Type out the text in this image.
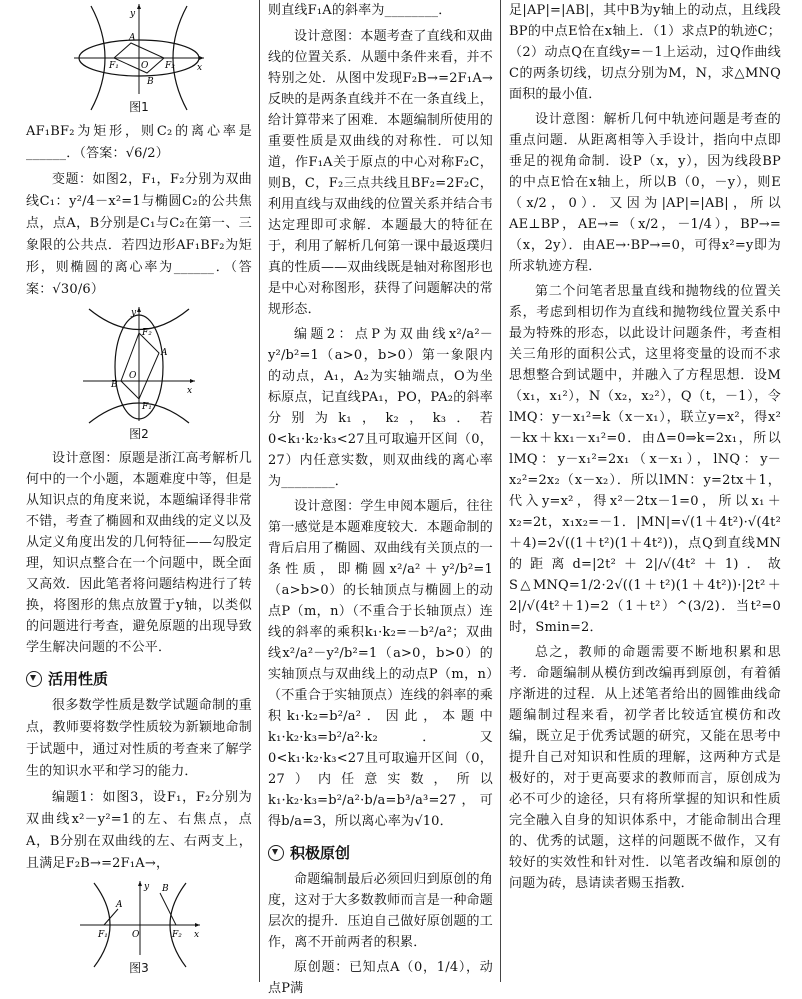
y
F₁	F₂
O
A
B
x
图1

AF₁BF₂为矩形，则C₂的离心率是______．（答案：√6/2）

变题：如图2，F₁，F₂分别为双曲线C₁：y²/4－x²=1与椭圆C₂的公共焦点，点A，B分别是C₁与C₂在第一、三象限的公共点．若四边形AF₁BF₂为矩形，则椭圆的离心率为______．（答案：√30/6）

F₂
A
O
x
B
F₁
y
图2

设计意图：原题是浙江高考解析几何中的一个小题，本题难度中等，但是从知识点的角度来说，本题编译得非常不错，考查了椭圆和双曲线的定义以及从定义角度出发的几何特征——勾股定理，知识点整合在一个问题中，既全面又高效．因此笔者将问题结构进行了转换，将图形的焦点放置于y轴，以类似的问题进行考查，避免原题的出现导致学生解决问题的不公平．

活用性质

很多数学性质是数学试题命制的重点，教师要将数学性质较为新颖地命制于试题中，通过对性质的考查来了解学生的知识水平和学习的能力．

编题1：如图3，设F₁，F₂分别为双曲线x²－y²=1的左、右焦点，点A，B分别在双曲线的左、右两支上，且满足F₂B→=2F₁A→，

y B
A
F₁	O	F₂ x
图3

则直线F₁A的斜率为________．

设计意图：本题考查了直线和双曲线的位置关系．从题中条件来看，并不特别之处．从图中发现F₂B→=2F₁A→反映的是两条直线并不在一条直线上，给计算带来了困难．本题编制所使用的重要性质是双曲线的对称性．可以知道，作F₁A关于原点的中心对称F₂C，则B，C，F₂三点共线且BF₂=2F₂C，利用直线与双曲线的位置关系并结合韦达定理即可求解．本题最大的特征在于，利用了解析几何第一课中最返璞归真的性质——双曲线既是轴对称图形也是中心对称图形，获得了问题解决的常规形态．

编题2：点P为双曲线x²/a²－y²/b²=1（a>0，b>0）第一象限内的动点，A₁，A₂为实轴端点，O为坐标原点，记直线PA₁，PO，PA₂的斜率分别为k₁，k₂，k₃．若0<k₁·k₂·k₃<27且可取遍开区间（0，27）内任意实数，则双曲线的离心率为________．

设计意图：学生申阅本题后，往往第一感觉是本题难度较大．本题命制的背后启用了椭圆、双曲线有关顶点的一条性质，即椭圆x²/a²＋y²/b²=1（a>b>0）的长轴顶点与椭圆上的动点P（m，n）（不重合于长轴顶点）连线的斜率的乘积k₁·k₂=－b²/a²；双曲线x²/a²－y²/b²=1（a>0，b>0）的实轴顶点与双曲线上的动点P（m，n）（不重合于实轴顶点）连线的斜率的乘积k₁·k₂=b²/a²．因此，本题中k₁·k₂·k₃=b²/a²·k₂．又0<k₁·k₂·k₃<27且可取遍开区间（0，27）内任意实数，所以k₁·k₂·k₃=b²/a²·b/a=b³/a³=27，可得b/a=3，所以离心率为√10．

积极原创

命题编制最后必须回归到原创的角度，这对于大多数教师而言是一种命题层次的提升．压迫自己做好原创题的工作，离不开前两者的积累．

原创题：已知点A（0，1/4），动点P满

足|AP|=|AB|，其中B为y轴上的动点，且线段BP的中点E恰在x轴上．（1）求点P的轨迹C；（2）动点Q在直线y=－1上运动，过Q作曲线C的两条切线，切点分别为M，N，求△MNQ面积的最小值．

设计意图：解析几何中轨迹问题是考查的重点问题．从距离相等入手设计，指向中点即垂足的视角命制．设P（x，y），因为线段BP的中点E恰在x轴上，所以B（0，－y），则E（x/2，0）．又因为|AP|=|AB|，所以AE⊥BP，AE→=（x/2，－1/4），BP→=（x，2y）．由AE→·BP→=0，可得x²=y即为所求轨迹方程．

第二个问笔者思量直线和抛物线的位置关系，考虑到相切作为直线和抛物线位置关系中最为特殊的形态，以此设计问题条件，考查相关三角形的面积公式，这里将变量的设而不求思想整合到试题中，并融入了方程思想．设M（x₁，x₁²），N（x₂，x₂²），Q（t，－1），令lMQ：y－x₁²=k（x－x₁），联立y=x²，得x²－kx＋kx₁－x₁²=0．由Δ=0⇒k=2x₁，所以lMQ：y－x₁²=2x₁（x－x₁），lNQ：y－x₂²=2x₂（x－x₂）．所以lMN：y=2tx＋1，代入y=x²，得x²－2tx－1=0，所以x₁＋x₂=2t，x₁x₂=－1．|MN|=√(1＋4t²)·√(4t²＋4)=2√((1＋t²)(1＋4t²))，点Q到直线MN的距离d=|2t²＋2|/√(4t²＋1)．故S△MNQ=1/2·2√((1＋t²)(1＋4t²))·|2t²＋2|/√(4t²＋1)=2（1＋t²）^(3/2)．当t²=0时，Smin=2．

总之，教师的命题需要不断地积累和思考．命题编制从模仿到改编再到原创，有着循序渐进的过程．从上述笔者给出的圆锥曲线命题编制过程来看，初学者比较适宜模仿和改编，既立足于优秀试题的研究，又能在思考中提升自己对知识和性质的理解，这两种方式是极好的，对于更高要求的教师而言，原创成为必不可少的途径，只有将所掌握的知识和性质完全融入自身的知识体系中，才能命制出合理的、优秀的试题，这样的问题既不做作，又有较好的实效性和针对性．以笔者改编和原创的问题为砖，恳请读者赐玉指教．
